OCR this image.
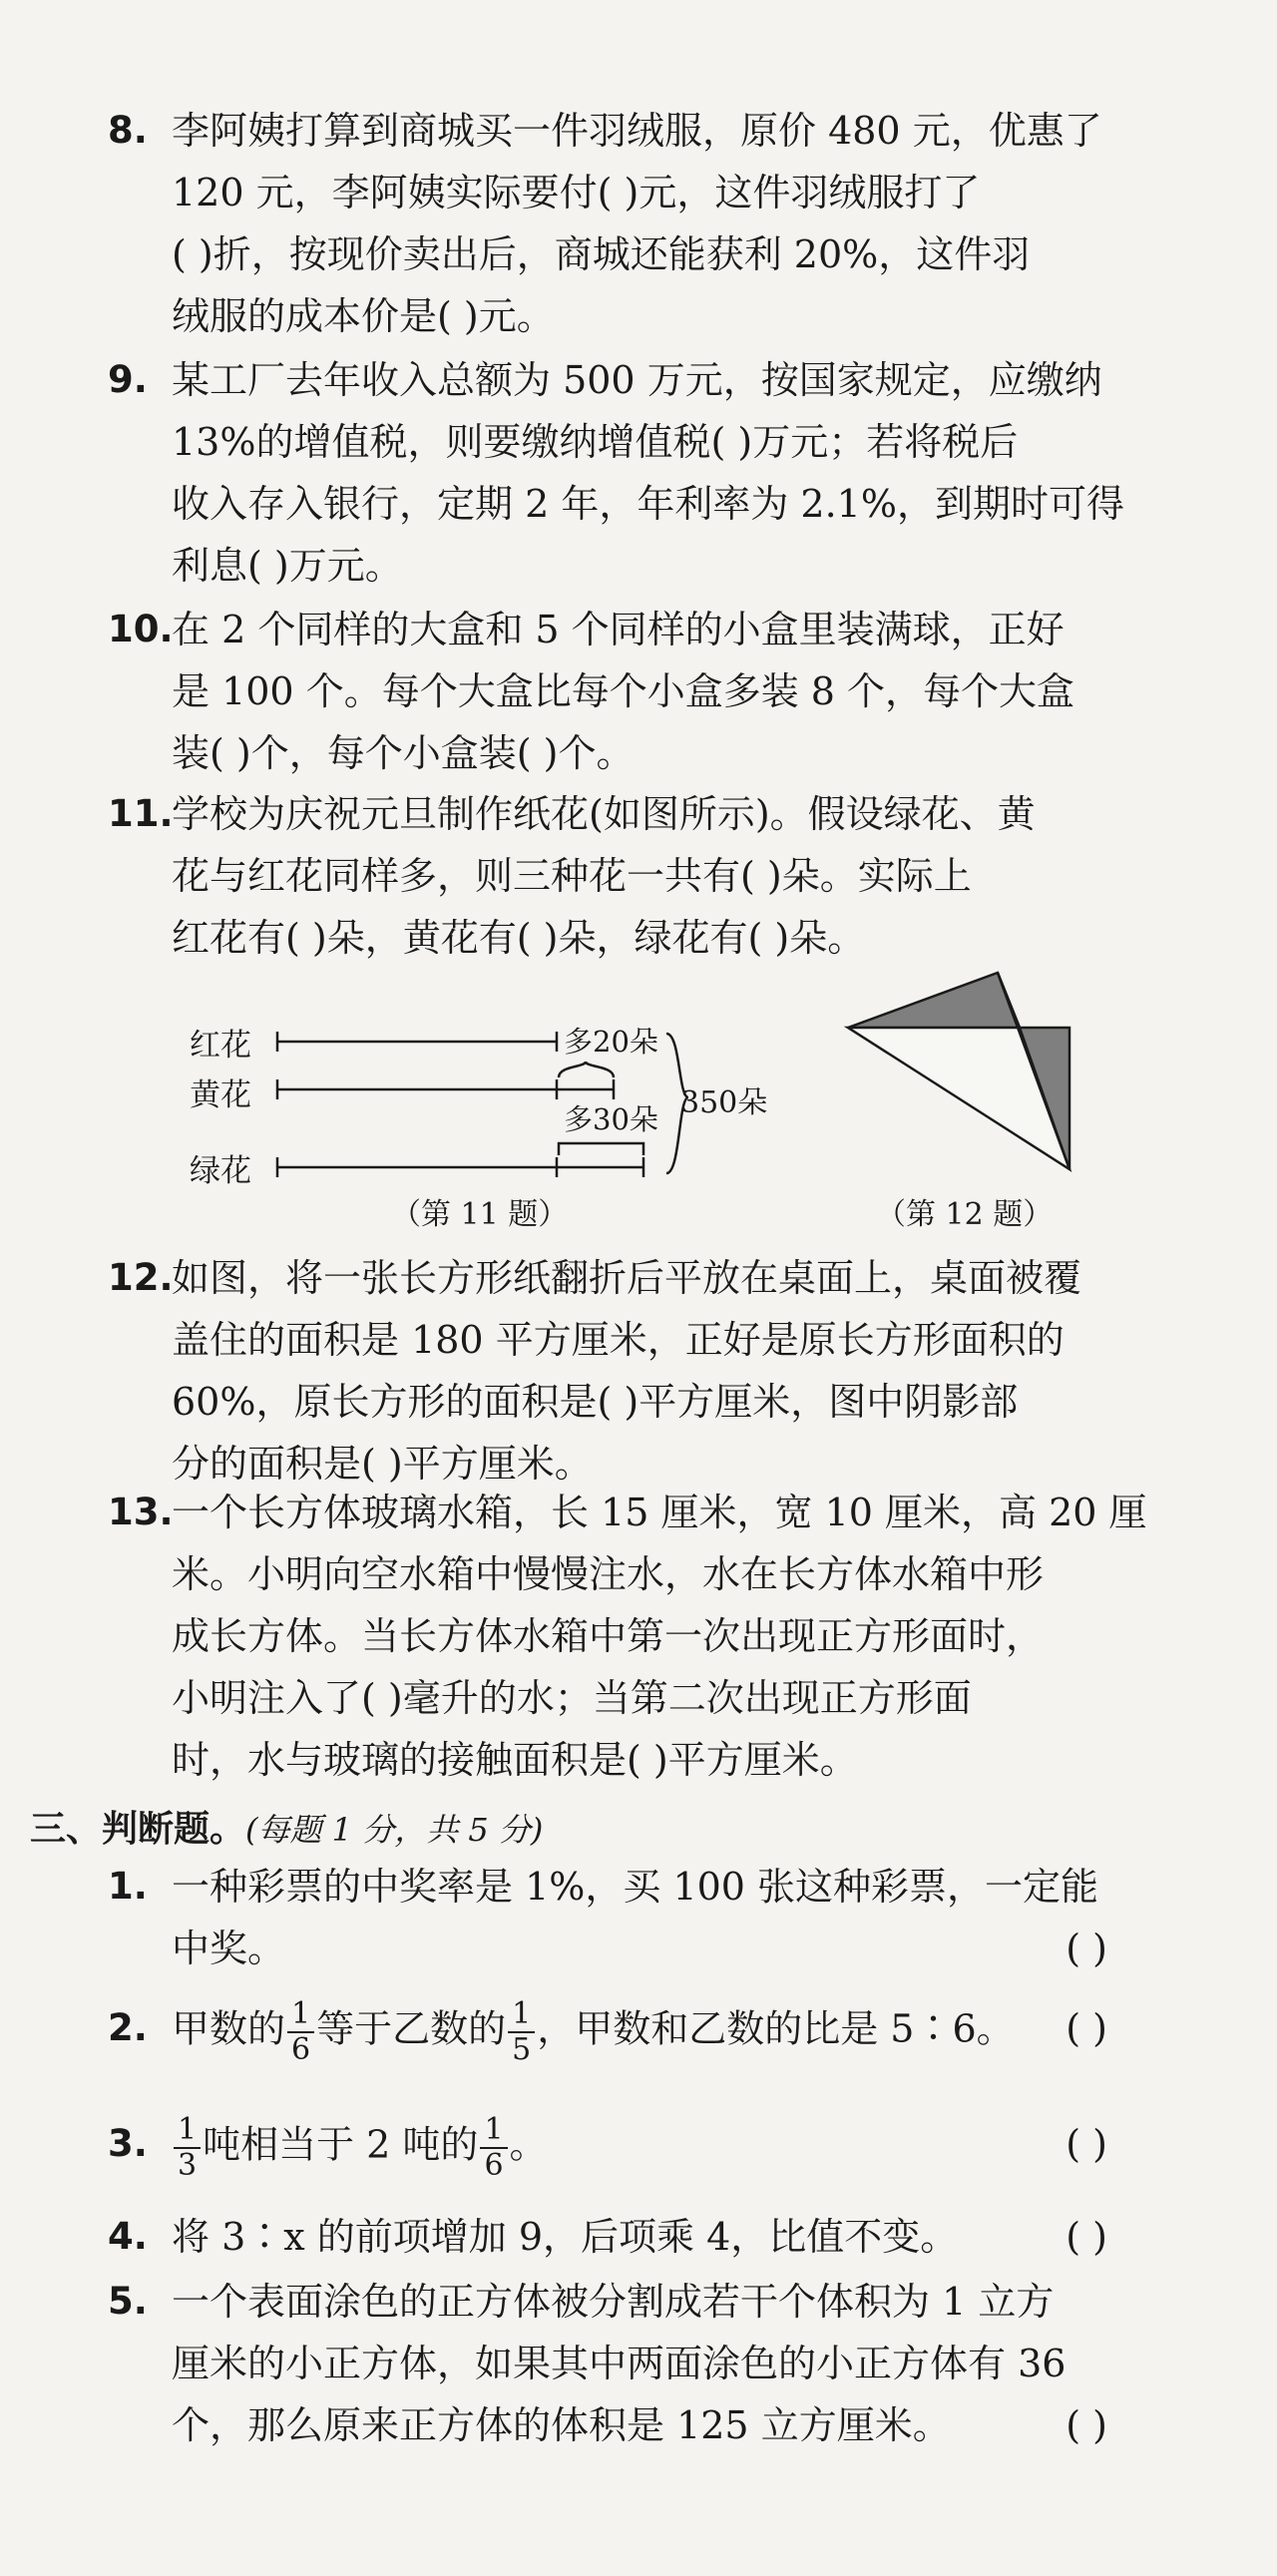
8. 李阿姨打算到商城买一件羽绒服，原价 480 元，优惠了
120 元，李阿姨实际要付( )元，这件羽绒服打了
( )折，按现价卖出后，商城还能获利 20%，这件羽
绒服的成本价是( )元。
9. 某工厂去年收入总额为 500 万元，按国家规定，应缴纳
13%的增值税，则要缴纳增值税( )万元；若将税后
收入存入银行，定期 2 年，年利率为 2.1%，到期时可得
利息( )万元。
10.
在 2 个同样的大盒和 5 个同样的小盒里装满球，正好
是 100 个。每个大盒比每个小盒多装 8 个，每个大盒
装( )个，每个小盒装( )个。
11.
学校为庆祝元旦制作纸花(如图所示)。假设绿花、黄
花与红花同样多，则三种花一共有( )朵。实际上
红花有( )朵，黄花有( )朵，绿花有( )朵。
红花
黄花
绿花
多20朵
多30朵 350朵
（第 11 题）	（第 12 题）
12.
如图，将一张长方形纸翻折后平放在桌面上，桌面被覆
盖住的面积是 180 平方厘米，正好是原长方形面积的
60%，原长方形的面积是( )平方厘米，图中阴影部
分的面积是( )平方厘米。
13.
一个长方体玻璃水箱，长 15 厘米，宽 10 厘米，高 20 厘
米。小明向空水箱中慢慢注水，水在长方体水箱中形
成长方体。当长方体水箱中第一次出现正方形面时，
小明注入了( )毫升的水；当第二次出现正方形面
时，水与玻璃的接触面积是( )平方厘米。
三、判断题。(每题 1 分，共 5 分)
1. 一种彩票的中奖率是 1%，买 100 张这种彩票，一定能
中奖。	( )
2. 甲数的 $\frac{1}{6}$ 等于乙数的 $\frac{1}{5}$ ，甲数和乙数的比是 5∶6。	( )
3. $\frac{1}{3}$ 吨相当于 2 吨的 $\frac{1}{6}$ 。	( )
4. 将 3∶x 的前项增加 9，后项乘 4，比值不变。	( )
5. 一个表面涂色的正方体被分割成若干个体积为 1 立方
厘米的小正方体，如果其中两面涂色的小正方体有 36
个，那么原来正方体的体积是 125 立方厘米。	( )
